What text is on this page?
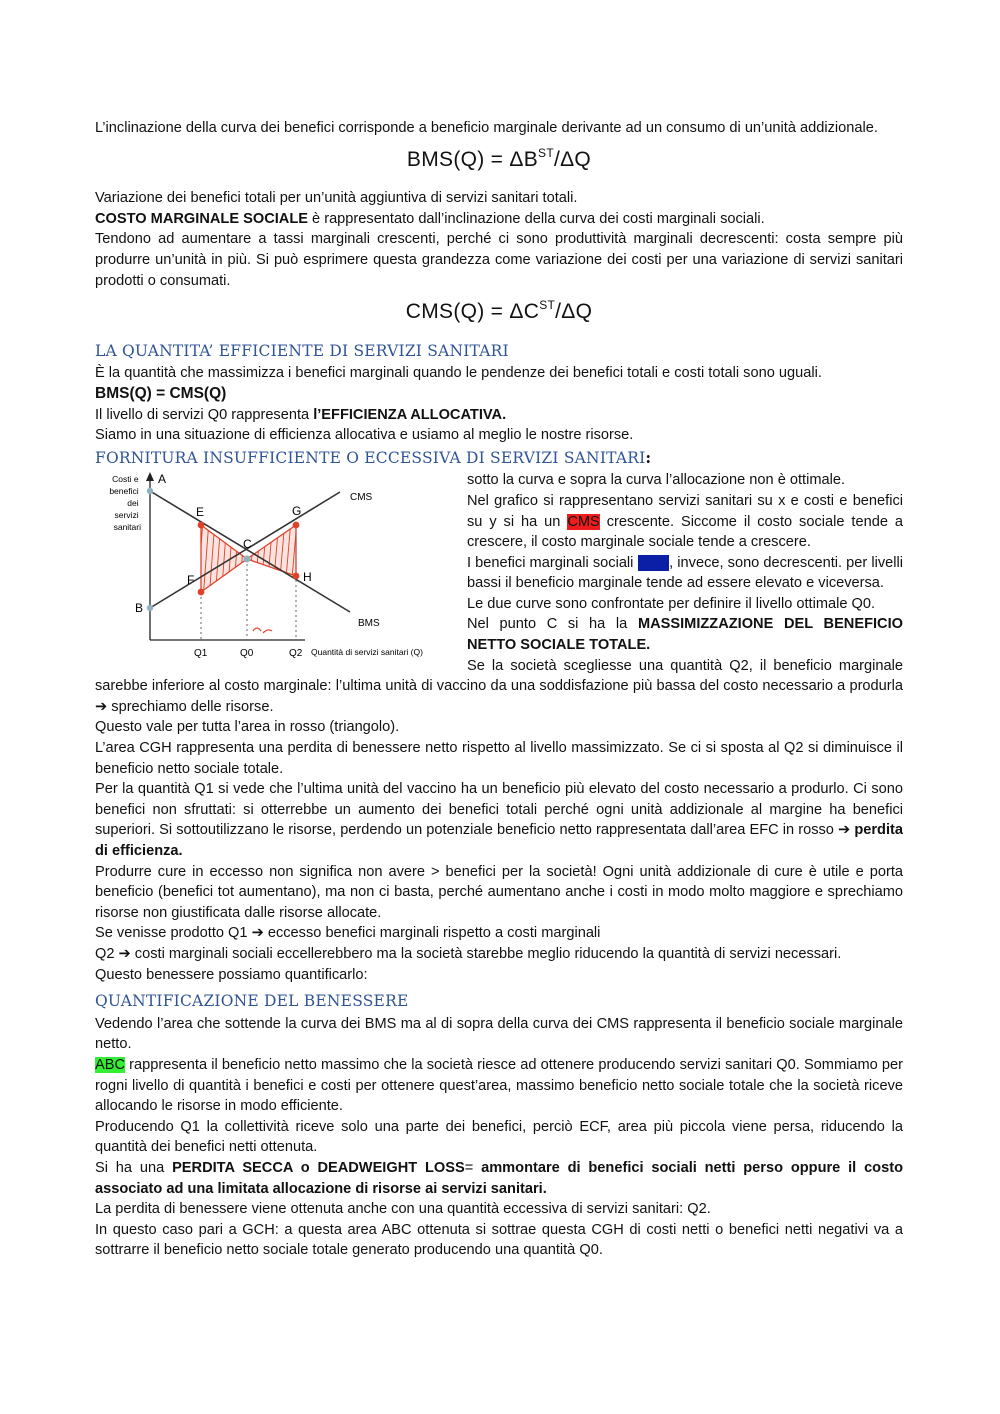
L’inclinazione della curva dei benefici corrisponde a beneficio marginale derivante ad un consumo di un’unità addizionale.

$BMS(Q) = \Delta B^{ST}/\Delta Q$

Variazione dei benefici totali per un’unità aggiuntiva di servizi sanitari totali.

COSTO MARGINALE SOCIALE è rappresentato dall’inclinazione della curva dei costi marginali sociali.

Tendono ad aumentare a tassi marginali crescenti, perché ci sono produttività marginali decrescenti: costa sempre più produrre un’unità in più. Si può esprimere questa grandezza come variazione dei costi per una variazione di servizi sanitari prodotti o consumati.

CMS(Q) = ΔCST/ΔQ
LA QUANTITA’ EFFICIENTE DI SERVIZI SANITARI

È la quantità che massimizza i benefici marginali quando le pendenze dei benefici totali e costi totali sono uguali.

BMS(Q) = CMS(Q)

Il livello di servizi Q0 rappresenta l’EFFICIENZA ALLOCATIVA.

Siamo in una situazione di efficienza allocativa e usiamo al meglio le nostre risorse.

FORNITURA INSUFFICIENTE O ECCESSIVA DI SERVIZI SANITARI:
Costi e benefici dei servizi sanitari
A
B
C
E
F
G
H
CMS
BMS
Q1	Q0	Q2 Quantità di servizi sanitari (Q)

sotto la curva e sopra la curva l’allocazione non è ottimale.

Nel grafico si rappresentano servizi sanitari su x e costi e benefici su y si ha un CMS crescente. Siccome il costo sociale tende a crescere, il costo marginale sociale tende a crescere.

I benefici marginali sociali BMS, invece, sono decrescenti. per livelli bassi il beneficio marginale tende ad essere elevato e viceversa.

Le due curve sono confrontate per definire il livello ottimale Q0.

Nel punto C si ha la MASSIMIZZAZIONE DEL BENEFICIO NETTO SOCIALE TOTALE.

Se la società scegliesse una quantità Q2, il beneficio marginale sarebbe inferiore al costo marginale: l’ultima unità di vaccino da una soddisfazione più bassa del costo necessario a produrla ➔ sprechiamo delle risorse.

Questo vale per tutta l’area in rosso (triangolo).

L’area CGH rappresenta una perdita di benessere netto rispetto al livello massimizzato. Se ci si sposta al Q2 si diminuisce il beneficio netto sociale totale.

Per la quantità Q1 si vede che l’ultima unità del vaccino ha un beneficio più elevato del costo necessario a produrlo. Ci sono benefici non sfruttati: si otterrebbe un aumento dei benefici totali perché ogni unità addizionale al margine ha benefici superiori. Si sottoutilizzano le risorse, perdendo un potenziale beneficio netto rappresentata dall’area EFC in rosso ➔ perdita di efficienza.

Produrre cure in eccesso non significa non avere > benefici per la società! Ogni unità addizionale di cure è utile e porta beneficio (benefici tot aumentano), ma non ci basta, perché aumentano anche i costi in modo molto maggiore e sprechiamo risorse non giustificata dalle risorse allocate.

Se venisse prodotto Q1 ➔ eccesso benefici marginali rispetto a costi marginali

Q2 ➔ costi marginali sociali eccellerebbero ma la società starebbe meglio riducendo la quantità di servizi necessari.

Questo benessere possiamo quantificarlo:

QUANTIFICAZIONE DEL BENESSERE

Vedendo l’area che sottende la curva dei BMS ma al di sopra della curva dei CMS rappresenta il beneficio sociale marginale netto.

ABC rappresenta il beneficio netto massimo che la società riesce ad ottenere producendo servizi sanitari Q0. Sommiamo per rogni livello di quantità i benefici e costi per ottenere quest’area, massimo beneficio netto sociale totale che la società riceve allocando le risorse in modo efficiente.

Producendo Q1 la collettività riceve solo una parte dei benefici, perciò ECF, area più piccola viene persa, riducendo la quantità dei benefici netti ottenuta.

Si ha una PERDITA SECCA o DEADWEIGHT LOSS= ammontare di benefici sociali netti perso oppure il costo associato ad una limitata allocazione di risorse ai servizi sanitari.

La perdita di benessere viene ottenuta anche con una quantità eccessiva di servizi sanitari: Q2.

In questo caso pari a GCH: a questa area ABC ottenuta si sottrae questa CGH di costi netti o benefici netti negativi va a sottrarre il beneficio netto sociale totale generato producendo una quantità Q0.
